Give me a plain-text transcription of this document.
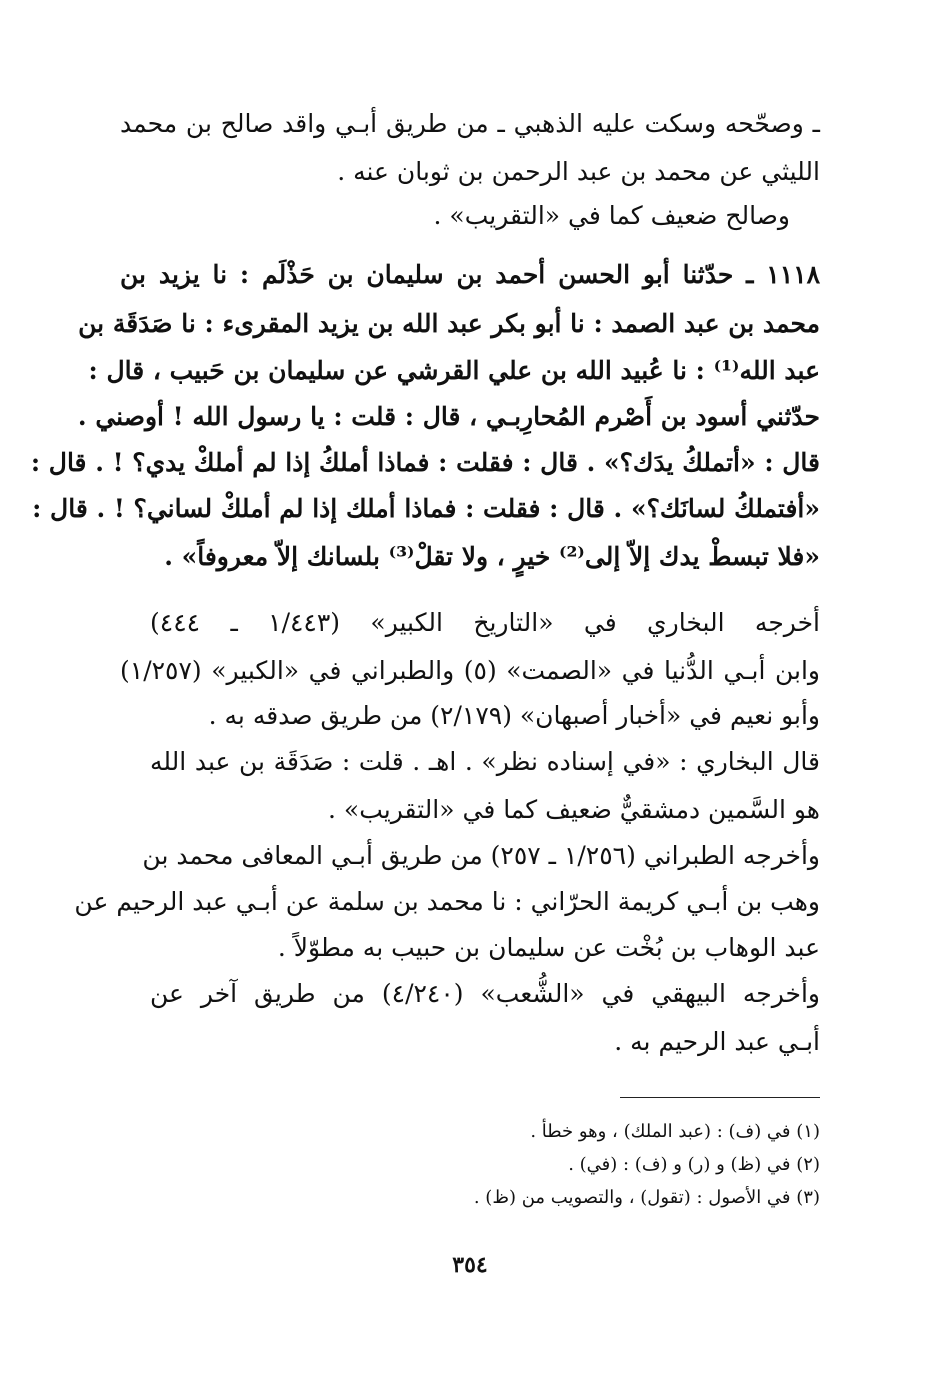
ـ وصحّحه وسكت عليه الذهبي ـ من طريق أبـي واقد صالح بن محمد
الليثي عن محمد بن عبد الرحمن بن ثوبان عنه .
وصالح ضعيف كما في «التقريب» .
١١١٨ ـ حدّثنا أبو الحسن أحمد بن سليمان بن حَذْلَم : نا يزيد بن
محمد بن عبد الصمد : نا أبو بكر عبد الله بن يزيد المقرىء : نا صَدَقَة بن
عبد الله⁽¹⁾ : نا عُبيد الله بن علي القرشي عن سليمان بن حَبيب ، قال :
حدّثني أسود بن أَصْرم المُحارِبـي ، قال : قلت : يا رسول الله ! أوصني .
قال : «أتملكُ يدَك؟» . قال : فقلت : فماذا أملكُ إذا لم أملكْ يدي؟ ! . قال :
«أفتملكُ لسانَك؟» . قال : فقلت : فماذا أملك إذا لم أملكْ لساني؟ ! . قال :
«فلا تبسطْ يدك إلاّ إلى⁽²⁾ خيرٍ ، ولا تقلْ⁽³⁾ بلسانك إلاّ معروفاً» .
أخرجه البخاري في «التاريخ الكبير» (١/٤٤٣ ـ ٤٤٤)
وابن أبـي الدُّنيا في «الصمت» (٥) والطبراني في «الكبير» (١/٢٥٧)
وأبو نعيم في «أخبار أصبهان» (٢/١٧٩) من طريق صدقه به .
قال البخاري : «في إسناده نظر» . اهـ . قلت : صَدَقَة بن عبد الله
هو السَّمين دمشقيٌّ ضعيف كما في «التقريب» .
وأخرجه الطبراني (١/٢٥٦ ـ ٢٥٧) من طريق أبـي المعافى محمد بن
وهب بن أبـي كريمة الحرّاني : نا محمد بن سلمة عن أبـي عبد الرحيم عن
عبد الوهاب بن بُخْت عن سليمان بن حبيب به مطوّلاً .
وأخرجه البيهقي في «الشُّعب» (٤/٢٤٠) من طريق آخر عن
أبـي عبد الرحيم به .
(١) في (ف) : (عبد الملك) ، وهو خطأ .
(٢) في (ظ) و (ر) و (ف) : (في) .
(٣) في الأصول : (تقول) ، والتصويب من (ظ) .
٣٥٤
